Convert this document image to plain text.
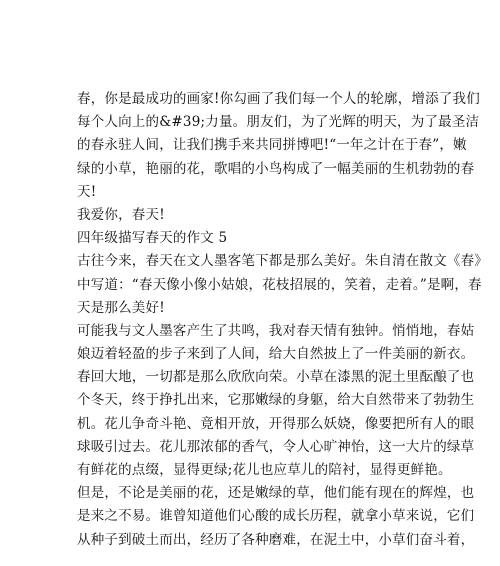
春，你是最成功的画家!你勾画了我们每一个人的轮廓，增添了我们
每个人向上的&#39;力量。朋友们，为了光辉的明天，为了最圣洁
的春永驻人间，让我们携手来共同拼博吧!“一年之计在于春”，嫩
绿的小草，艳丽的花，歌唱的小鸟构成了一幅美丽的生机勃勃的春
天!
我爱你，春天!
四年级描写春天的作文 5
古往今来，春天在文人墨客笔下都是那么美好。朱自清在散文《春》
中写道：“春天像小像小姑娘，花枝招展的，笑着，走着。”是啊，春
天是那么美好!
可能我与文人墨客产生了共鸣，我对春天情有独钟。悄悄地，春姑
娘迈着轻盈的步子来到了人间，给大自然披上了一件美丽的新衣。
春回大地，一切都是那么欣欣向荣。小草在漆黑的泥土里酝酿了也
个冬天，终于挣扎出来，它那嫩绿的身躯，给大自然带来了勃勃生
机。花儿争奇斗艳、竟相开放，开得那么妖娆，像要把所有人的眼
球吸引过去。花儿那浓郁的香气，令人心旷神怡，这一大片的绿草
有鲜花的点缀，显得更绿;花儿也应草儿的陪衬，显得更鲜艳。
但是，不论是美丽的花，还是嫩绿的草，他们能有现在的辉煌，也
是来之不易。谁曾知道他们心酸的成长历程，就拿小草来说，它们
从种子到破土而出，经历了各种磨难，在泥土中，小草们奋斗着，
